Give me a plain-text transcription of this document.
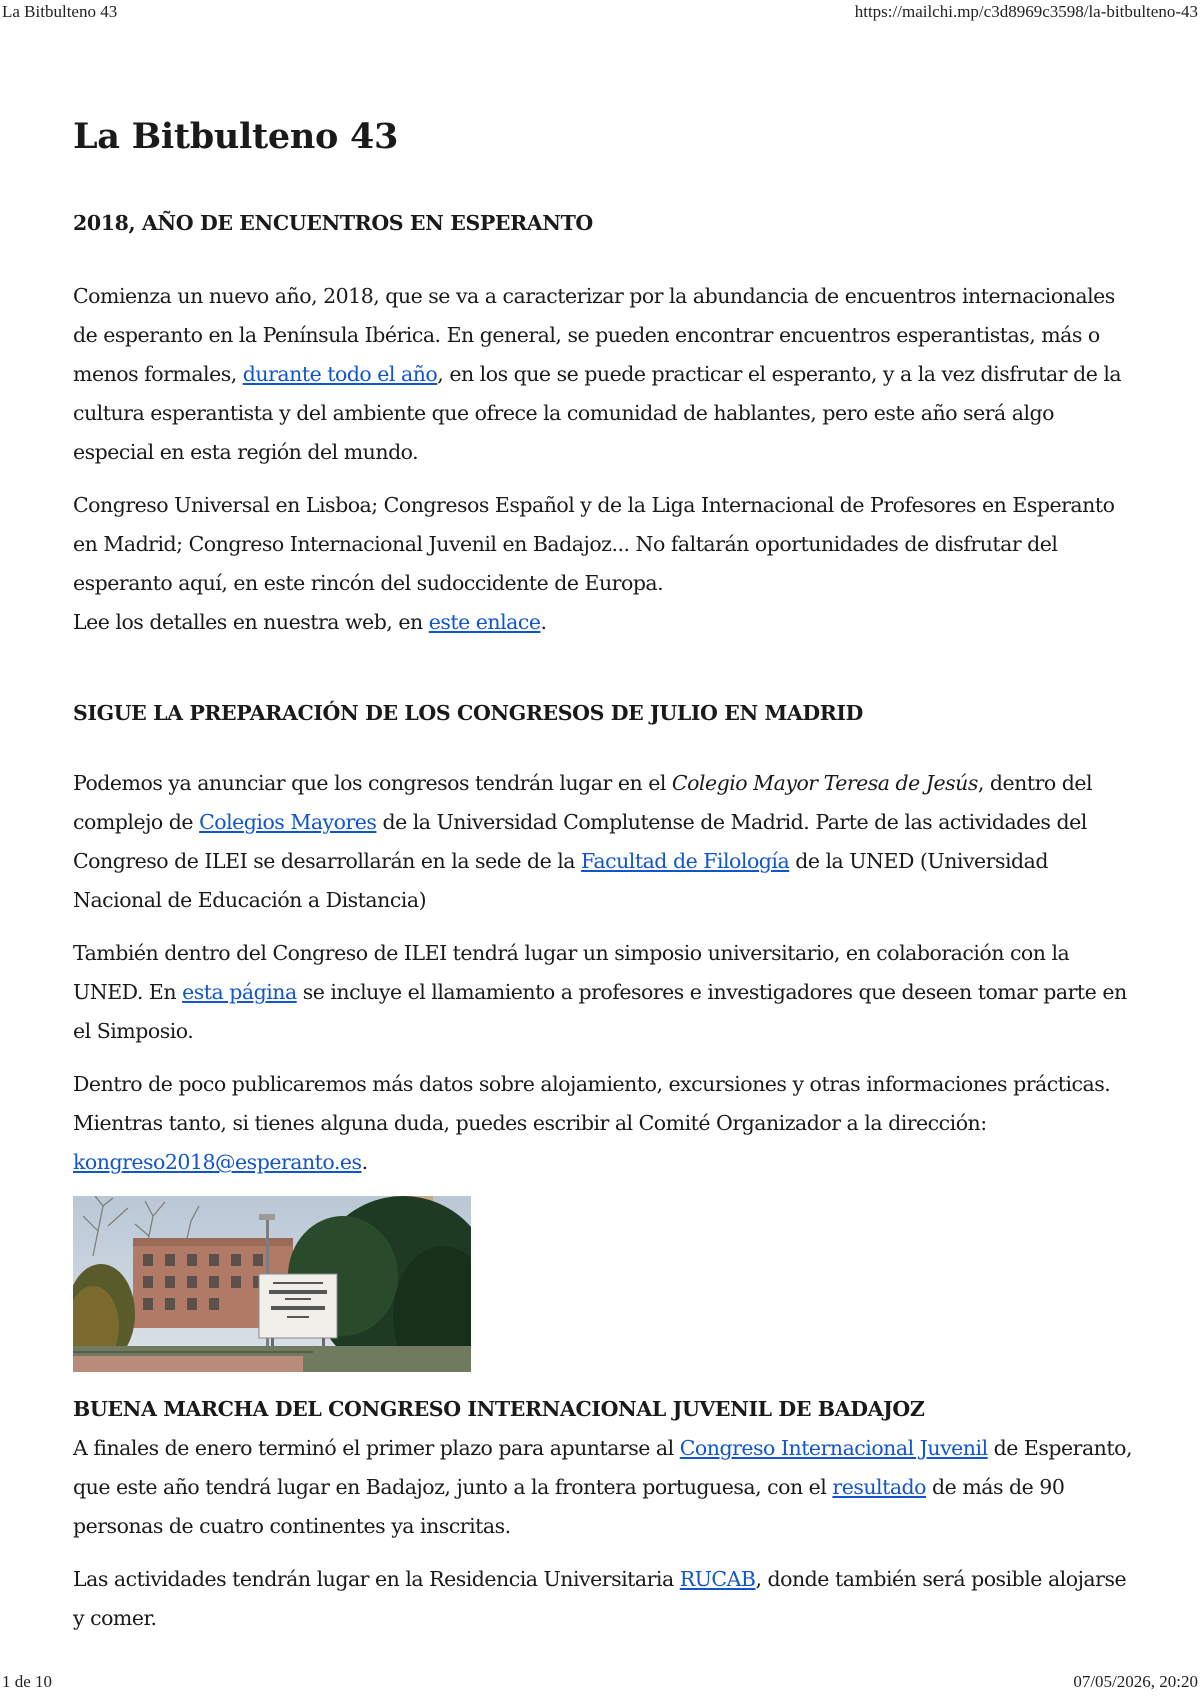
La Bitbulteno 43	https://mailchi.mp/c3d8969c3598/la-bitbulteno-43
La Bitbulteno 43
2018, AÑO DE ENCUENTROS EN ESPERANTO

Comienza un nuevo año, 2018, que se va a caracterizar por la abundancia de encuentros internacionales de esperanto en la Península Ibérica. En general, se pueden encontrar encuentros esperantistas, más o menos formales, durante todo el año, en los que se puede practicar el esperanto, y a la vez disfrutar de la cultura esperantista y del ambiente que ofrece la comunidad de hablantes, pero este año será algo especial en esta región del mundo.

Congreso Universal en Lisboa; Congresos Español y de la Liga Internacional de Profesores en Esperanto en Madrid; Congreso Internacional Juvenil en Badajoz... No faltarán oportunidades de disfrutar del esperanto aquí, en este rincón del sudoccidente de Europa.

Lee los detalles en nuestra web, en este enlace.

SIGUE LA PREPARACIÓN DE LOS CONGRESOS DE JULIO EN MADRID

Podemos ya anunciar que los congresos tendrán lugar en el Colegio Mayor Teresa de Jesús, dentro del complejo de Colegios Mayores de la Universidad Complutense de Madrid. Parte de las actividades del Congreso de ILEI se desarrollarán en la sede de la Facultad de Filología de la UNED (Universidad Nacional de Educación a Distancia)

También dentro del Congreso de ILEI tendrá lugar un simposio universitario, en colaboración con la UNED. En esta página se incluye el llamamiento a profesores e investigadores que deseen tomar parte en el Simposio.

Dentro de poco publicaremos más datos sobre alojamiento, excursiones y otras informaciones prácticas. Mientras tanto, si tienes alguna duda, puedes escribir al Comité Organizador a la dirección: kongreso2018@esperanto.es.

BUENA MARCHA DEL CONGRESO INTERNACIONAL JUVENIL DE BADAJOZ

A finales de enero terminó el primer plazo para apuntarse al Congreso Internacional Juvenil de Esperanto, que este año tendrá lugar en Badajoz, junto a la frontera portuguesa, con el resultado de más de 90 personas de cuatro continentes ya inscritas.

Las actividades tendrán lugar en la Residencia Universitaria RUCAB, donde también será posible alojarse y comer.

1 de 10	07/05/2026, 20:20
